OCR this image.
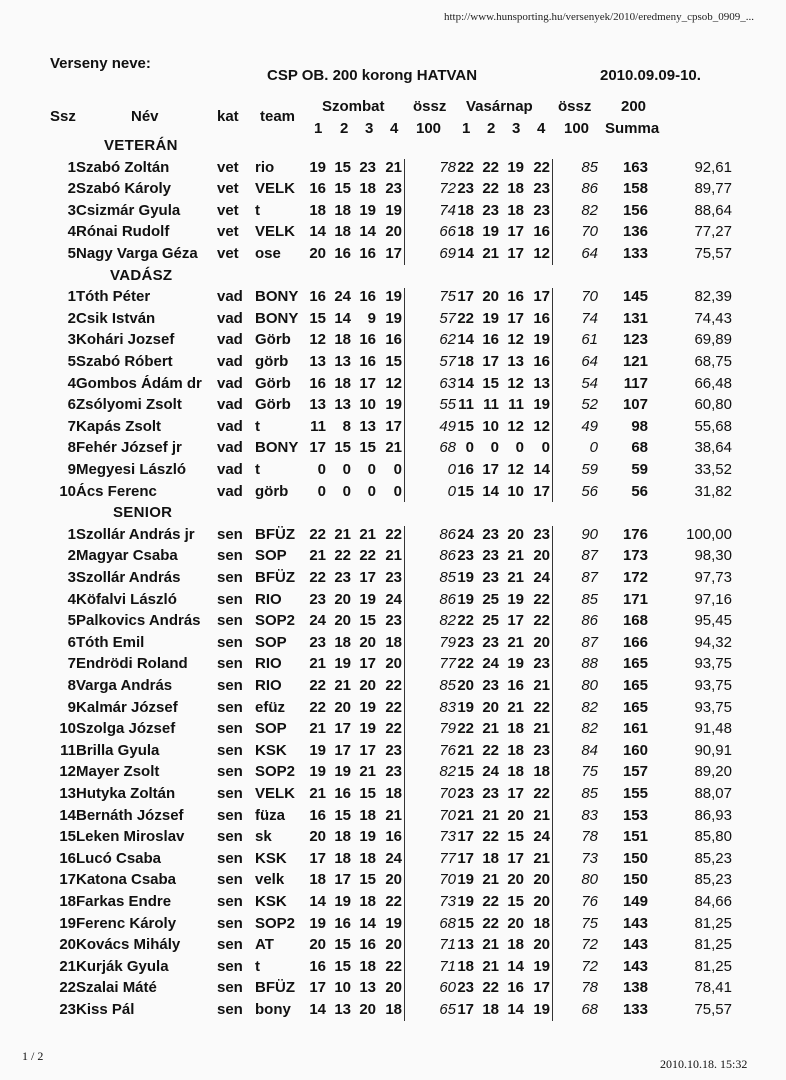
http://www.hunsporting.hu/versenyek/2010/eredmeny_cpsob_0909_...
Verseny neve:
CSP OB. 200 korong HATVAN	2010.09.09-10.
Ssz	Név	kat team
Szombat össz Vasárnap össz 200
1 2 3 4 100 1 2 3 4 100 Summa
VETERÁN
1 Szabó Zoltán	vet rio	19 15 23 21	78 22 22 19 22	85	163	92,61
2 Szabó Károly	vet VELK 16 15 18 23	72 23 22 18 23	86	158	89,77
3 Csizmár Gyula	vet t	18 18 19 19	74 18 23 18 23	82	156	88,64
4 Rónai Rudolf	vet VELK 14 18 14 20	66 18 19 17 16	70	136	77,27
5 Nagy Varga Géza	vet ose	20 16 16 17	69 14 21 17 12	64	133	75,57
VADÁSZ
1 Tóth Péter	vad BONY 16 24 16 19	75 17 20 16 17	70	145	82,39
2 Csik István	vad BONY 15 14	9 19	57 22 19 17 16	74	131	74,43
3 Kohári Jozsef	vad Görb	12 18 16 16	62 14 16 12 19	61	123	69,89
5 Szabó Róbert	vad görb	13 13 16 15	57 18 17 13 16	64	121	68,75
4 Gombos Ádám dr	vad Görb	16 18 17 12	63 14 15 12 13	54	117	66,48
6 Zsólyomi Zsolt	vad Görb	13 13 10 19	55 11 11 11 19	52	107	60,80
7 Kapás Zsolt	vad t	11	8 13 17	49 15 10 12 12	49	98	55,68
8 Fehér József jr	vad BONY 17 15 15 21	68 0	0	0	0	0	68	38,64
9 Megyesi László	vad t	0	0	0	0	0 16 17 12 14	59	59	33,52
10 Ács Ferenc	vad görb	0	0	0	0	0 15 14 10 17	56	56	31,82
SENIOR
1 Szollár András jr	sen BFÜZ 22 21 21 22	86 24 23 20 23	90	176	100,00
2 Magyar Csaba	sen SOP	21 22 22 21	86 23 23 21 20	87	173	98,30
3 Szollár András	sen BFÜZ 22 23 17 23	85 19 23 21 24	87	172	97,73
4 Köfalvi László	sen RIO	23 20 19 24	86 19 25 19 22	85	171	97,16
5 Palkovics András	sen SOP2 24 20 15 23	82 22 25 17 22	86	168	95,45
6 Tóth Emil	sen SOP	23 18 20 18	79 23 23 21 20	87	166	94,32
7 Endrödi Roland	sen RIO	21 19 17 20	77 22 24 19 23	88	165	93,75
8 Varga András	sen RIO	22 21 20 22	85 20 23 16 21	80	165	93,75
9 Kalmár József	sen efüz	22 20 19 22	83 19 20 21 22	82	165	93,75
10 Szolga József	sen SOP	21 17 19 22	79 22 21 18 21	82	161	91,48
11 Brilla Gyula	sen KSK	19 17 17 23	76 21 22 18 23	84	160	90,91
12 Mayer Zsolt	sen SOP2 19 19 21 23	82 15 24 18 18	75	157	89,20
13 Hutyka Zoltán	sen VELK 21 16 15 18	70 23 23 17 22	85	155	88,07
14 Bernáth József	sen füza	16 15 18 21	70 21 21 20 21	83	153	86,93
15 Leken Miroslav	sen sk	20 18 19 16	73 17 22 15 24	78	151	85,80
16 Lucó Csaba	sen KSK	17 18 18 24	77 17 18 17 21	73	150	85,23
17 Katona Csaba	sen velk	18 17 15 20	70 19 21 20 20	80	150	85,23
18 Farkas Endre	sen KSK	14 19 18 22	73 19 22 15 20	76	149	84,66
19 Ferenc Károly	sen SOP2 19 16 14 19	68 15 22 20 18	75	143	81,25
20 Kovács Mihály	sen AT	20 15 16 20	71 13 21 18 20	72	143	81,25
21 Kurják Gyula	sen t	16 15 18 22	71 18 21 14 19	72	143	81,25
22 Szalai Máté	sen BFÜZ 17 10 13 20	60 23 22 16 17	78	138	78,41
23 Kiss Pál	sen bony	14 13 20 18	65 17 18 14 19	68	133	75,57
1 / 2
2010.10.18. 15:32
